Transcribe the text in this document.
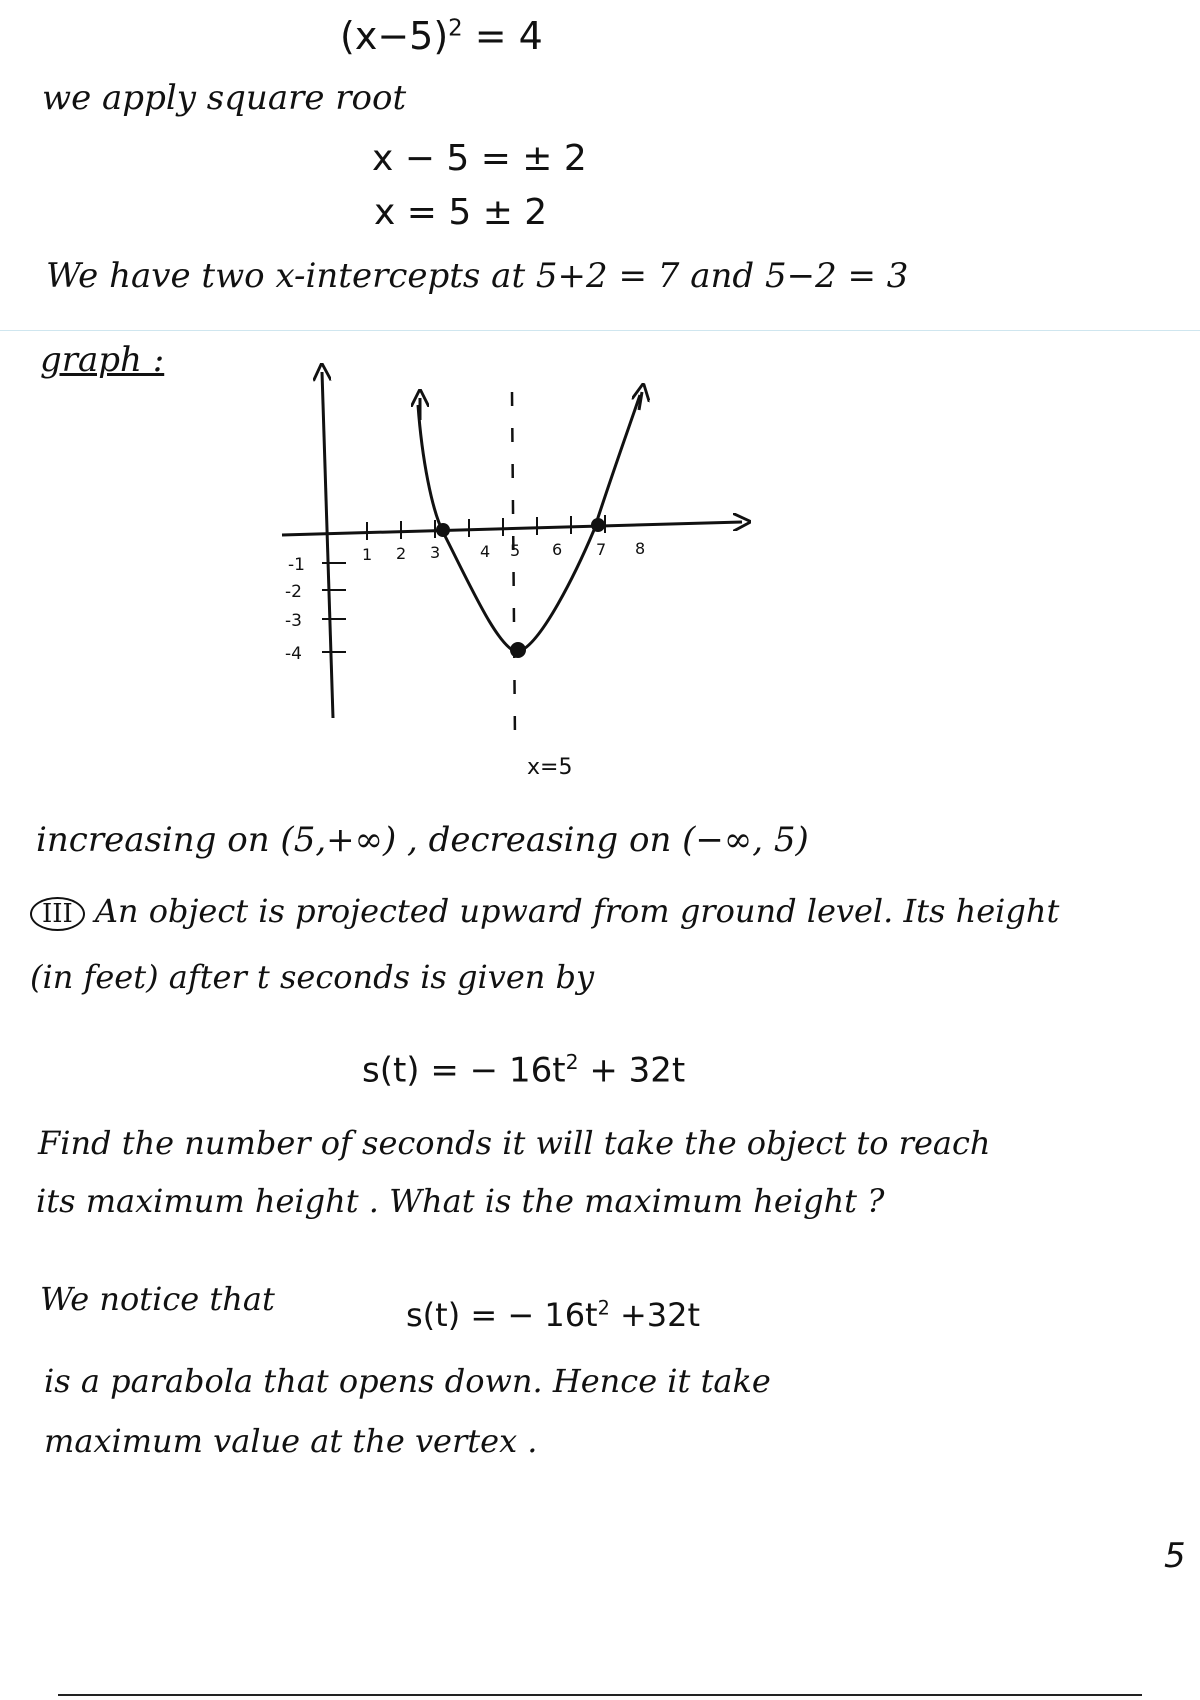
$(x-5)^2 = 4$
we apply square root
x − 5 = ± 2
x = 5 ± 2
We have two x-intercepts at 5+2 = 7 and 5−2 = 3
graph :
1 2 3 4 5 6 7 8
-1
-2
-3
-4
x=5
increasing on (5,+∞) , decreasing on (−∞, 5)
III An object is projected upward from ground level. Its height
(in feet) after t seconds is given by
s(t) = − $16t^2 + 32t$
Find the number of seconds it will take the object to reach
its maximum height . What is the maximum height ?
We notice that	s(t) = − $16t^2 +32t$
is a parabola that opens down. Hence it take
maximum value at the vertex .
5
